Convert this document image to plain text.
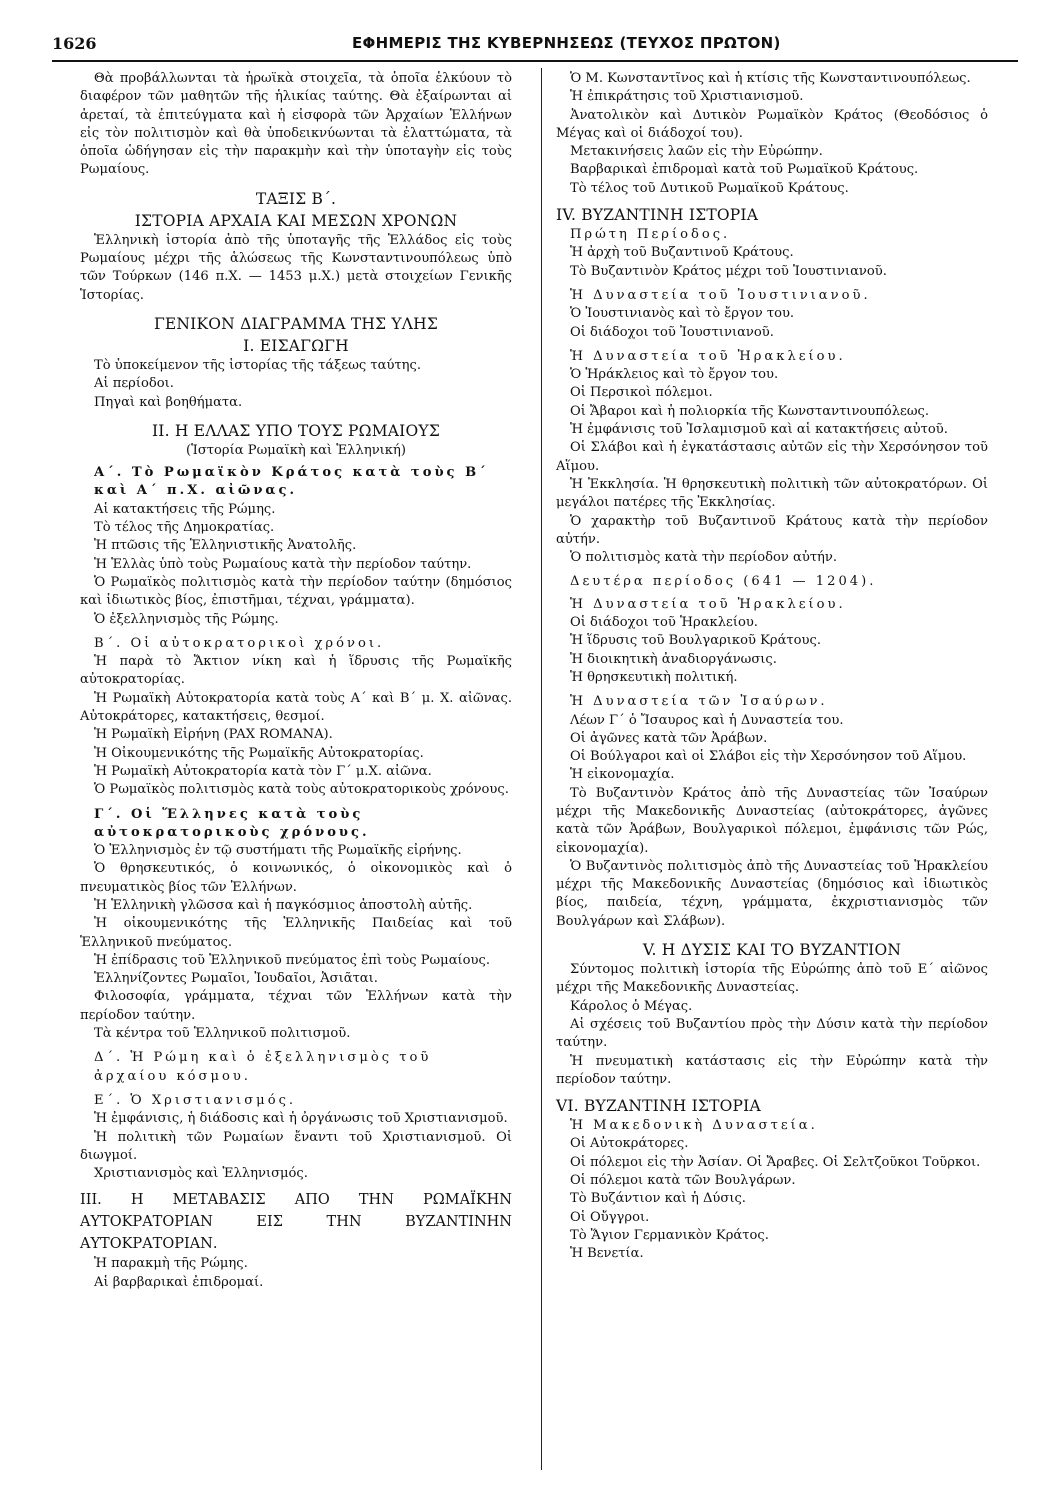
1626	ΕΦΗΜΕΡΙΣ ΤΗΣ ΚΥΒΕΡΝΗΣΕΩΣ (ΤΕΥΧΟΣ ΠΡΩΤΟΝ)

Θὰ προβάλλωνται τὰ ἡρωϊκὰ στοιχεῖα, τὰ ὁποῖα ἑλκύουν τὸ διαφέρον τῶν μαθητῶν τῆς ἡλικίας ταύτης. Θὰ ἐξαίρωνται αἱ ἀρεταί, τὰ ἐπιτεύγματα καὶ ἡ εἰσφορὰ τῶν Ἀρχαίων Ἑλλήνων εἰς τὸν πολιτισμὸν καὶ θὰ ὑποδεικνύωνται τὰ ἐλαττώματα, τὰ ὁποῖα ὡδήγησαν εἰς τὴν παρακμὴν καὶ τὴν ὑποταγὴν εἰς τοὺς Ρωμαίους.

ΤΑΞΙΣ Β΄.

ΙΣΤΟΡΙΑ ΑΡΧΑΙΑ ΚΑΙ ΜΕΣΩΝ ΧΡΟΝΩΝ

Ἑλληνικὴ ἱστορία ἀπὸ τῆς ὑποταγῆς τῆς Ἑλλάδος εἰς τοὺς Ρωμαίους μέχρι τῆς ἁλώσεως τῆς Κωνσταντινουπόλεως ὑπὸ τῶν Τούρκων (146 π.Χ. — 1453 μ.Χ.) μετὰ στοιχείων Γενικῆς Ἱστορίας.

ΓΕΝΙΚΟΝ ΔΙΑΓΡΑΜΜΑ ΤΗΣ ΥΛΗΣ

Ι. ΕΙΣΑΓΩΓΗ

Τὸ ὑποκείμενον τῆς ἱστορίας τῆς τάξεως ταύτης.

Αἱ περίοδοι.

Πηγαὶ καὶ βοηθήματα.

ΙΙ. Η ΕΛΛΑΣ ΥΠΟ ΤΟΥΣ ΡΩΜΑΙΟΥΣ

(Ἱστορία Ρωμαϊκὴ καὶ Ἑλληνική)

Α΄. Τὸ Ρωμαϊκὸν Κράτος κατὰ τοὺς Β΄ καὶ Α΄ π.Χ. αἰῶνας.

Αἱ κατακτήσεις τῆς Ρώμης.

Τὸ τέλος τῆς Δημοκρατίας.

Ἡ πτῶσις τῆς Ἑλληνιστικῆς Ἀνατολῆς.

Ἡ Ἑλλὰς ὑπὸ τοὺς Ρωμαίους κατὰ τὴν περίοδον ταύτην.

Ὁ Ρωμαϊκὸς πολιτισμὸς κατὰ τὴν περίοδον ταύτην (δημόσιος καὶ ἰδιωτικὸς βίος, ἐπιστῆμαι, τέχναι, γράμματα).

Ὁ ἐξελληνισμὸς τῆς Ρώμης.

Β΄. Οἱ αὐτοκρατορικοὶ χρόνοι.

Ἡ παρὰ τὸ Ἄκτιον νίκη καὶ ἡ ἵδρυσις τῆς Ρωμαϊκῆς αὐτοκρατορίας.

Ἡ Ρωμαϊκὴ Αὐτοκρατορία κατὰ τοὺς Α΄ καὶ Β΄ μ. Χ. αἰῶνας. Αὐτοκράτορες, κατακτήσεις, θεσμοί.

Ἡ Ρωμαϊκὴ Εἰρήνη (PAX ROMANA).

Ἡ Οἰκουμενικότης τῆς Ρωμαϊκῆς Αὐτοκρατορίας.

Ἡ Ρωμαϊκὴ Αὐτοκρατορία κατὰ τὸν Γ΄ μ.Χ. αἰῶνα.

Ὁ Ρωμαϊκὸς πολιτισμὸς κατὰ τοὺς αὐτοκρατορικοὺς χρόνους.

Γ΄. Οἱ Ἕλληνες κατὰ τοὺς αὐτοκρατορικοὺς χρόνους.

Ὁ Ἑλληνισμὸς ἐν τῷ συστήματι τῆς Ρωμαϊκῆς εἰρήνης.

Ὁ θρησκευτικός, ὁ κοινωνικός, ὁ οἰκονομικὸς καὶ ὁ πνευματικὸς βίος τῶν Ἑλλήνων.

Ἡ Ἑλληνικὴ γλῶσσα καὶ ἡ παγκόσμιος ἀποστολὴ αὐτῆς.

Ἡ οἰκουμενικότης τῆς Ἑλληνικῆς Παιδείας καὶ τοῦ Ἑλληνικοῦ πνεύματος.

Ἡ ἐπίδρασις τοῦ Ἑλληνικοῦ πνεύματος ἐπὶ τοὺς Ρωμαίους.

Ἑλληνίζοντες Ρωμαῖοι, Ἰουδαῖοι, Ἀσιᾶται.

Φιλοσοφία, γράμματα, τέχναι τῶν Ἑλλήνων κατὰ τὴν περίοδον ταύτην.

Τὰ κέντρα τοῦ Ἑλληνικοῦ πολιτισμοῦ.

Δ΄. Ἡ Ρώμη καὶ ὁ ἐξελληνισμὸς τοῦ ἀρχαίου κόσμου.

Ε΄. Ὁ Χριστιανισμός.

Ἡ ἐμφάνισις, ἡ διάδοσις καὶ ἡ ὀργάνωσις τοῦ Χριστιανισμοῦ.

Ἡ πολιτικὴ τῶν Ρωμαίων ἔναντι τοῦ Χριστιανισμοῦ. Οἱ διωγμοί.

Χριστιανισμὸς καὶ Ἑλληνισμός.

ΙΙΙ. Η ΜΕΤΑΒΑΣΙΣ ΑΠΟ ΤΗΝ ΡΩΜΑΪΚΗΝ ΑΥΤΟΚΡΑΤΟΡΙΑΝ ΕΙΣ ΤΗΝ ΒΥΖΑΝΤΙΝΗΝ ΑΥΤΟΚΡΑΤΟΡΙΑΝ.

Ἡ παρακμὴ τῆς Ρώμης.

Αἱ βαρβαρικαὶ ἐπιδρομαί.

Ὁ Μ. Κωνσταντῖνος καὶ ἡ κτίσις τῆς Κωνσταντινουπόλεως.

Ἡ ἐπικράτησις τοῦ Χριστιανισμοῦ.

Ἀνατολικὸν καὶ Δυτικὸν Ρωμαϊκὸν Κράτος (Θεοδόσιος ὁ Μέγας καὶ οἱ διάδοχοί του).

Μετακινήσεις λαῶν εἰς τὴν Εὐρώπην.

Βαρβαρικαὶ ἐπιδρομαὶ κατὰ τοῦ Ρωμαϊκοῦ Κράτους.

Τὸ τέλος τοῦ Δυτικοῦ Ρωμαϊκοῦ Κράτους.

IV. ΒΥΖΑΝΤΙΝΗ ΙΣΤΟΡΙΑ

Πρώτη Περίοδος.

Ἡ ἀρχὴ τοῦ Βυζαντινοῦ Κράτους.

Τὸ Βυζαντινὸν Κράτος μέχρι τοῦ Ἰουστινιανοῦ.

Ἡ Δυναστεία τοῦ Ἰουστινιανοῦ.

Ὁ Ἰουστινιανὸς καὶ τὸ ἔργον του.

Οἱ διάδοχοι τοῦ Ἰουστινιανοῦ.

Ἡ Δυναστεία τοῦ Ἡρακλείου.

Ὁ Ἡράκλειος καὶ τὸ ἔργον του.

Οἱ Περσικοὶ πόλεμοι.

Οἱ Ἄβαροι καὶ ἡ πολιορκία τῆς Κωνσταντινουπόλεως.

Ἡ ἐμφάνισις τοῦ Ἰσλαμισμοῦ καὶ αἱ κατακτήσεις αὐτοῦ.

Οἱ Σλάβοι καὶ ἡ ἐγκατάστασις αὐτῶν εἰς τὴν Χερσόνησον τοῦ Αἵμου.

Ἡ Ἐκκλησία. Ἡ θρησκευτικὴ πολιτικὴ τῶν αὐτοκρατόρων. Οἱ μεγάλοι πατέρες τῆς Ἐκκλησίας.

Ὁ χαρακτὴρ τοῦ Βυζαντινοῦ Κράτους κατὰ τὴν περίοδον αὐτήν.

Ὁ πολιτισμὸς κατὰ τὴν περίοδον αὐτήν.

Δευτέρα περίοδος (641 — 1204).

Ἡ Δυναστεία τοῦ Ἡρακλείου.

Οἱ διάδοχοι τοῦ Ἡρακλείου.

Ἡ ἵδρυσις τοῦ Βουλγαρικοῦ Κράτους.

Ἡ διοικητικὴ ἀναδιοργάνωσις.

Ἡ θρησκευτικὴ πολιτική.

Ἡ Δυναστεία τῶν Ἰσαύρων.

Λέων Γ΄ ὁ Ἴσαυρος καὶ ἡ Δυναστεία του.

Οἱ ἀγῶνες κατὰ τῶν Ἀράβων.

Οἱ Βούλγαροι καὶ οἱ Σλάβοι εἰς τὴν Χερσόνησον τοῦ Αἵμου.

Ἡ εἰκονομαχία.

Τὸ Βυζαντινὸν Κράτος ἀπὸ τῆς Δυναστείας τῶν Ἰσαύρων μέχρι τῆς Μακεδονικῆς Δυναστείας (αὐτοκράτορες, ἀγῶνες κατὰ τῶν Ἀράβων, Βουλγαρικοὶ πόλεμοι, ἐμφάνισις τῶν Ρώς, εἰκονομαχία).

Ὁ Βυζαντινὸς πολιτισμὸς ἀπὸ τῆς Δυναστείας τοῦ Ἡρακλείου μέχρι τῆς Μακεδονικῆς Δυναστείας (δημόσιος καὶ ἰδιωτικὸς βίος, παιδεία, τέχνη, γράμματα, ἐκχριστιανισμὸς τῶν Βουλγάρων καὶ Σλάβων).

V. Η ΔΥΣΙΣ ΚΑΙ ΤΟ ΒΥΖΑΝΤΙΟΝ

Σύντομος πολιτικὴ ἱστορία τῆς Εὐρώπης ἀπὸ τοῦ Ε΄ αἰῶνος μέχρι τῆς Μακεδονικῆς Δυναστείας.

Κάρολος ὁ Μέγας.

Αἱ σχέσεις τοῦ Βυζαντίου πρὸς τὴν Δύσιν κατὰ τὴν περίοδον ταύτην.

Ἡ πνευματικὴ κατάστασις εἰς τὴν Εὐρώπην κατὰ τὴν περίοδον ταύτην.

VI. ΒΥΖΑΝΤΙΝΗ ΙΣΤΟΡΙΑ

Ἡ Μακεδονικὴ Δυναστεία.

Οἱ Αὐτοκράτορες.

Οἱ πόλεμοι εἰς τὴν Ἀσίαν. Οἱ Ἄραβες. Οἱ Σελτζοῦκοι Τοῦρκοι.

Οἱ πόλεμοι κατὰ τῶν Βουλγάρων.

Τὸ Βυζάντιον καὶ ἡ Δύσις.

Οἱ Οὔγγροι.

Τὸ Ἅγιον Γερμανικὸν Κράτος.

Ἡ Βενετία.
